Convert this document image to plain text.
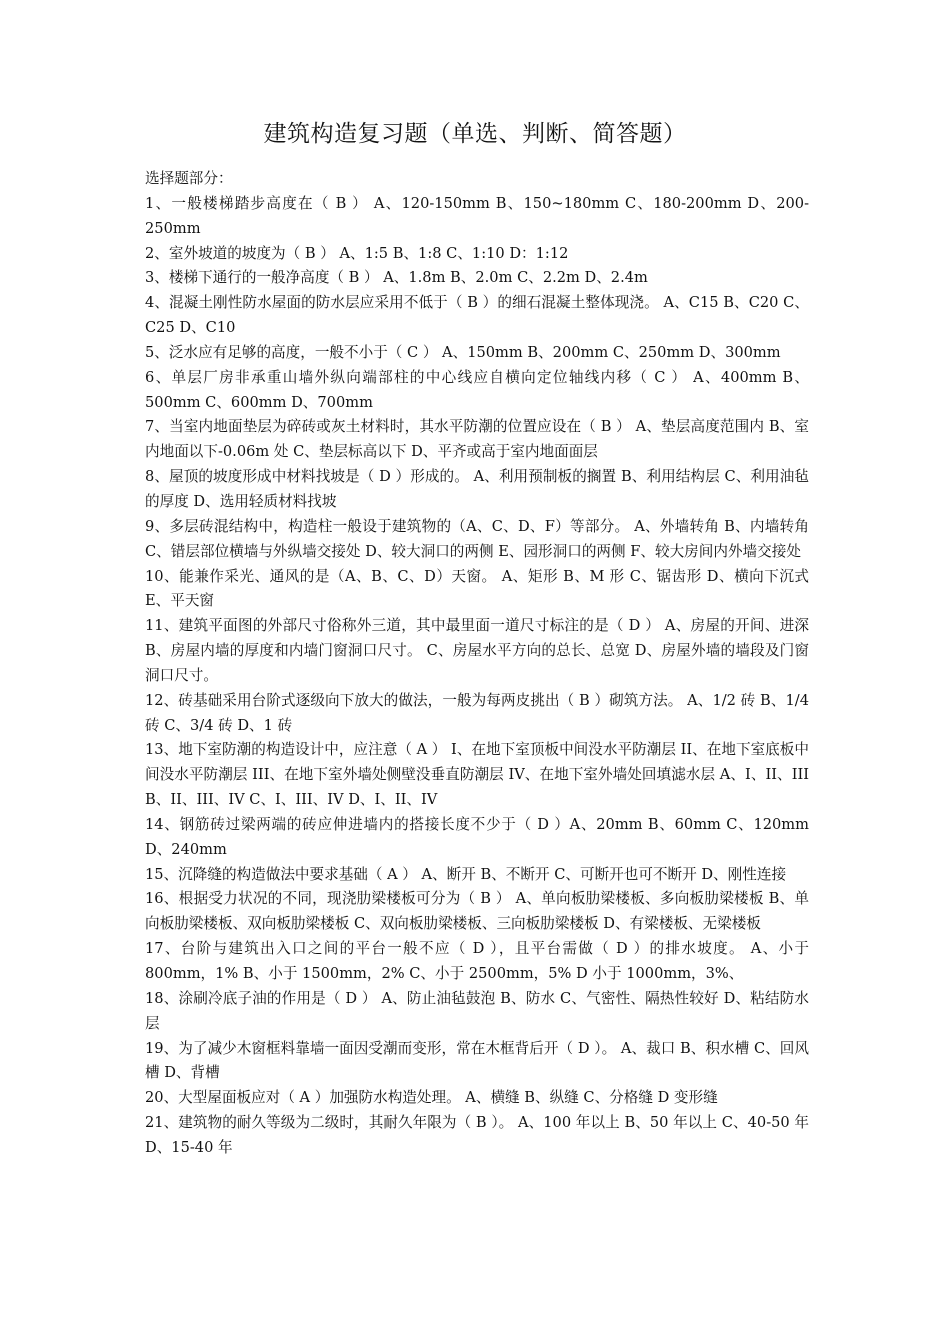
建筑构造复习题（单选、判断、简答题）
选择题部分：

1、一般楼梯踏步高度在（ B ） A、120-150mm B、150~180mm C、180-200mm D、200-250mm

2、室外坡道的坡度为（ B ） A、1:5 B、1:8 C、1:10 D：1:12

3、楼梯下通行的一般净高度（ B ） A、1.8m B、2.0m C、2.2m D、2.4m

4、混凝土刚性防水屋面的防水层应采用不低于（ B ）的细石混凝土整体现浇。 A、C15 B、C20 C、C25 D、C10

5、泛水应有足够的高度，一般不小于（ C ） A、150mm B、200mm C、250mm D、300mm

6、单层厂房非承重山墙外纵向端部柱的中心线应自横向定位轴线内移（ C ） A、400mm B、500mm C、600mm D、700mm

7、当室内地面垫层为碎砖或灰土材料时，其水平防潮的位置应设在（ B ） A、垫层高度范围内 B、室内地面以下-0.06m 处 C、垫层标高以下 D、平齐或高于室内地面面层

8、屋顶的坡度形成中材料找坡是（ D ）形成的。 A、利用预制板的搁置 B、利用结构层 C、利用油毡的厚度 D、选用轻质材料找坡

9、多层砖混结构中，构造柱一般设于建筑物的（A、C、D、F）等部分。 A、外墙转角 B、内墙转角 C、错层部位横墙与外纵墙交接处 D、较大洞口的两侧 E、园形洞口的两侧 F、较大房间内外墙交接处

10、能兼作采光、通风的是（A、B、C、D）天窗。 A、矩形 B、M 形 C、锯齿形 D、横向下沉式 E、平天窗

11、建筑平面图的外部尺寸俗称外三道，其中最里面一道尺寸标注的是（ D ） A、房屋的开间、进深 B、房屋内墙的厚度和内墙门窗洞口尺寸。 C、房屋水平方向的总长、总宽 D、房屋外墙的墙段及门窗洞口尺寸。

12、砖基础采用台阶式逐级向下放大的做法，一般为每两皮挑出（ B ）砌筑方法。 A、1/2 砖 B、1/4 砖 C、3/4 砖 D、1 砖

13、地下室防潮的构造设计中，应注意（ A ） I、在地下室顶板中间没水平防潮层 II、在地下室底板中间没水平防潮层 III、在地下室外墙处侧壁没垂直防潮层 IV、在地下室外墙处回填滤水层 A、I、II、III B、II、III、IV C、I、III、IV D、I、II、IV

14、钢筋砖过梁两端的砖应伸进墙内的搭接长度不少于（ D ）A、20mm B、60mm C、120mm D、240mm

15、沉降缝的构造做法中要求基础（ A ） A、断开 B、不断开 C、可断开也可不断开 D、刚性连接

16、根据受力状况的不同，现浇肋梁楼板可分为（ B ） A、单向板肋梁楼板、多向板肋梁楼板 B、单向板肋梁楼板、双向板肋梁楼板 C、双向板肋梁楼板、三向板肋梁楼板 D、有梁楼板、无梁楼板

17、台阶与建筑出入口之间的平台一般不应（ D ），且平台需做（ D ）的排水坡度。 A、小于 800mm，1% B、小于 1500mm，2% C、小于 2500mm，5% D 小于 1000mm，3%、

18、涂刷冷底子油的作用是（ D ） A、防止油毡鼓泡 B、防水 C、气密性、隔热性较好 D、粘结防水层

19、为了减少木窗框料靠墙一面因受潮而变形，常在木框背后开（ D ）。 A、裁口 B、积水槽 C、回风槽 D、背槽

20、大型屋面板应对（ A ）加强防水构造处理。 A、横缝 B、纵缝 C、分格缝 D 变形缝

21、建筑物的耐久等级为二级时，其耐久年限为（ B ）。 A、100 年以上 B、50 年以上 C、40-50 年 D、15-40 年
